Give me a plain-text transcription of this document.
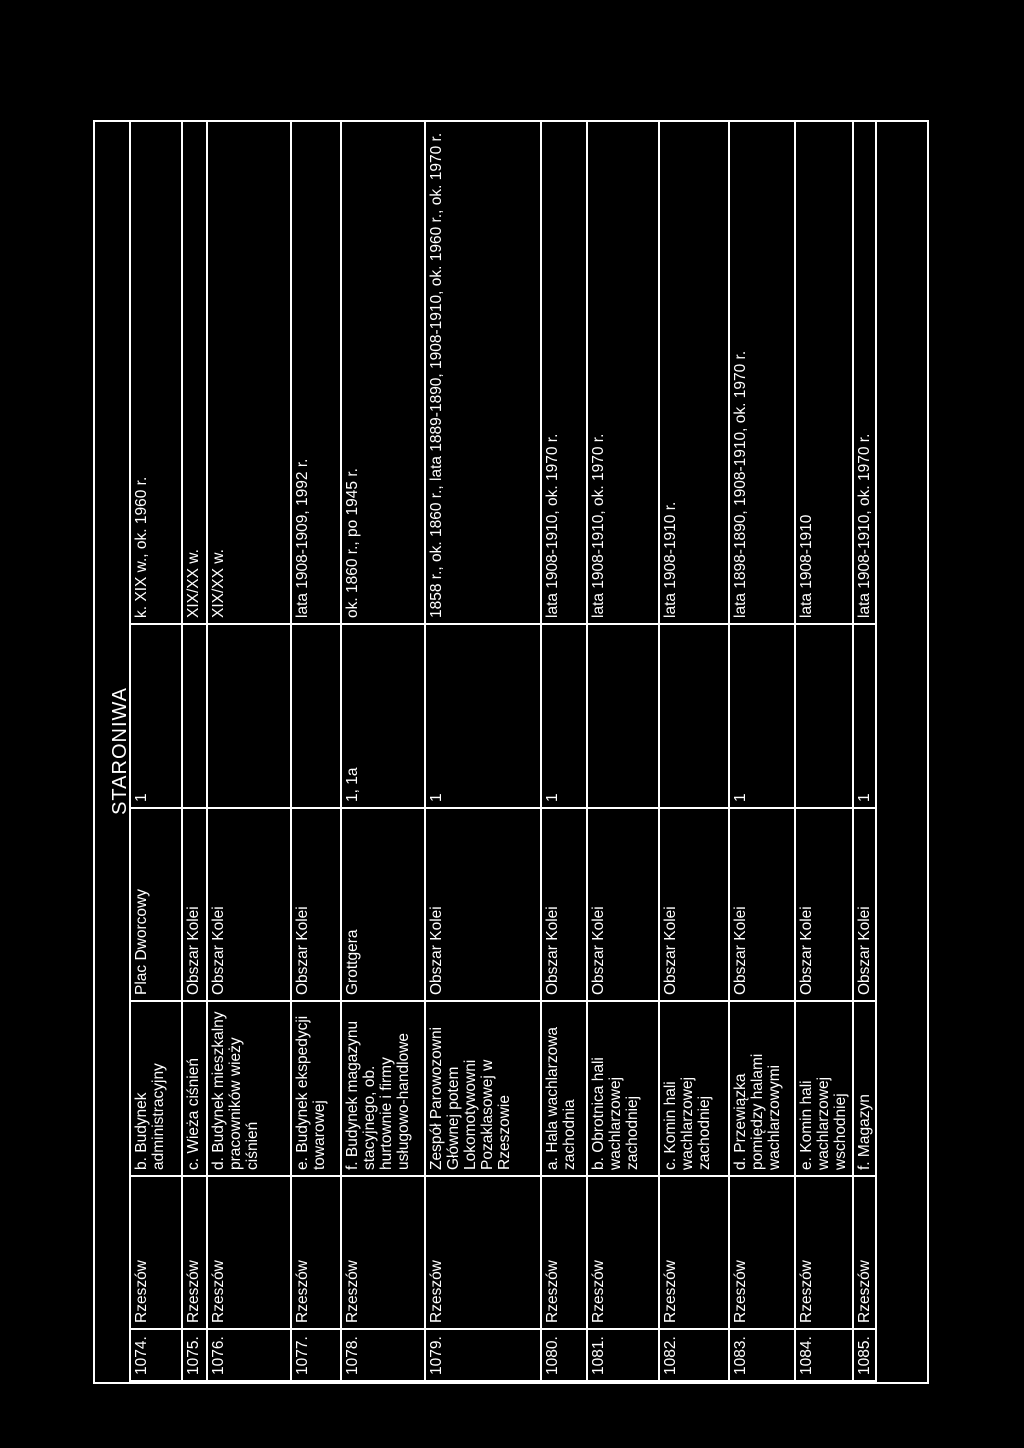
STARONIWA					
1074.	Rzeszów	b. Budynek administracyjny	Plac Dworcowy	1	k. XIX w., ok. 1960 r.
1075.	Rzeszów	c. Wieża ciśnień	Obszar Kolei		XIX/XX w.
1076.	Rzeszów	d. Budynek mieszkalny pracowników wieży ciśnień	Obszar Kolei		XIX/XX w.
1077.	Rzeszów	e. Budynek ekspedycji towarowej	Obszar Kolei		lata 1908-1909, 1992 r.
1078.	Rzeszów	f. Budynek magazynu stacyjnego, ob. hurtownie i firmy usługowo-handlowe	Grottgera	1, 1a	ok. 1860 r., po 1945 r.
1079.	Rzeszów	Zespół Parowozowni Głównej potem Lokomotywowni Pozaklasowej w Rzeszowie	Obszar Kolei	1	1858 r., ok. 1860 r., lata 1889-1890, 1908-1910, ok. 1960 r., ok. 1970 r.
1080.	Rzeszów	a. Hala wachlarzowa zachodnia	Obszar Kolei	1	lata 1908-1910, ok. 1970 r.
1081.	Rzeszów	b. Obrotnica hali wachlarzowej zachodniej	Obszar Kolei		lata 1908-1910, ok. 1970 r.
1082.	Rzeszów	c. Komin hali wachlarzowej zachodniej	Obszar Kolei		lata 1908-1910 r.
1083.	Rzeszów	d. Przewiązka pomiędzy halami wachlarzowymi	Obszar Kolei	1	lata 1898-1890, 1908-1910, ok. 1970 r.
1084.	Rzeszów	e. Komin hali wachlarzowej wschodniej	Obszar Kolei		lata 1908-1910
1085.	Rzeszów	f. Magazyn	Obszar Kolei	1	lata 1908-1910, ok. 1970 r.
